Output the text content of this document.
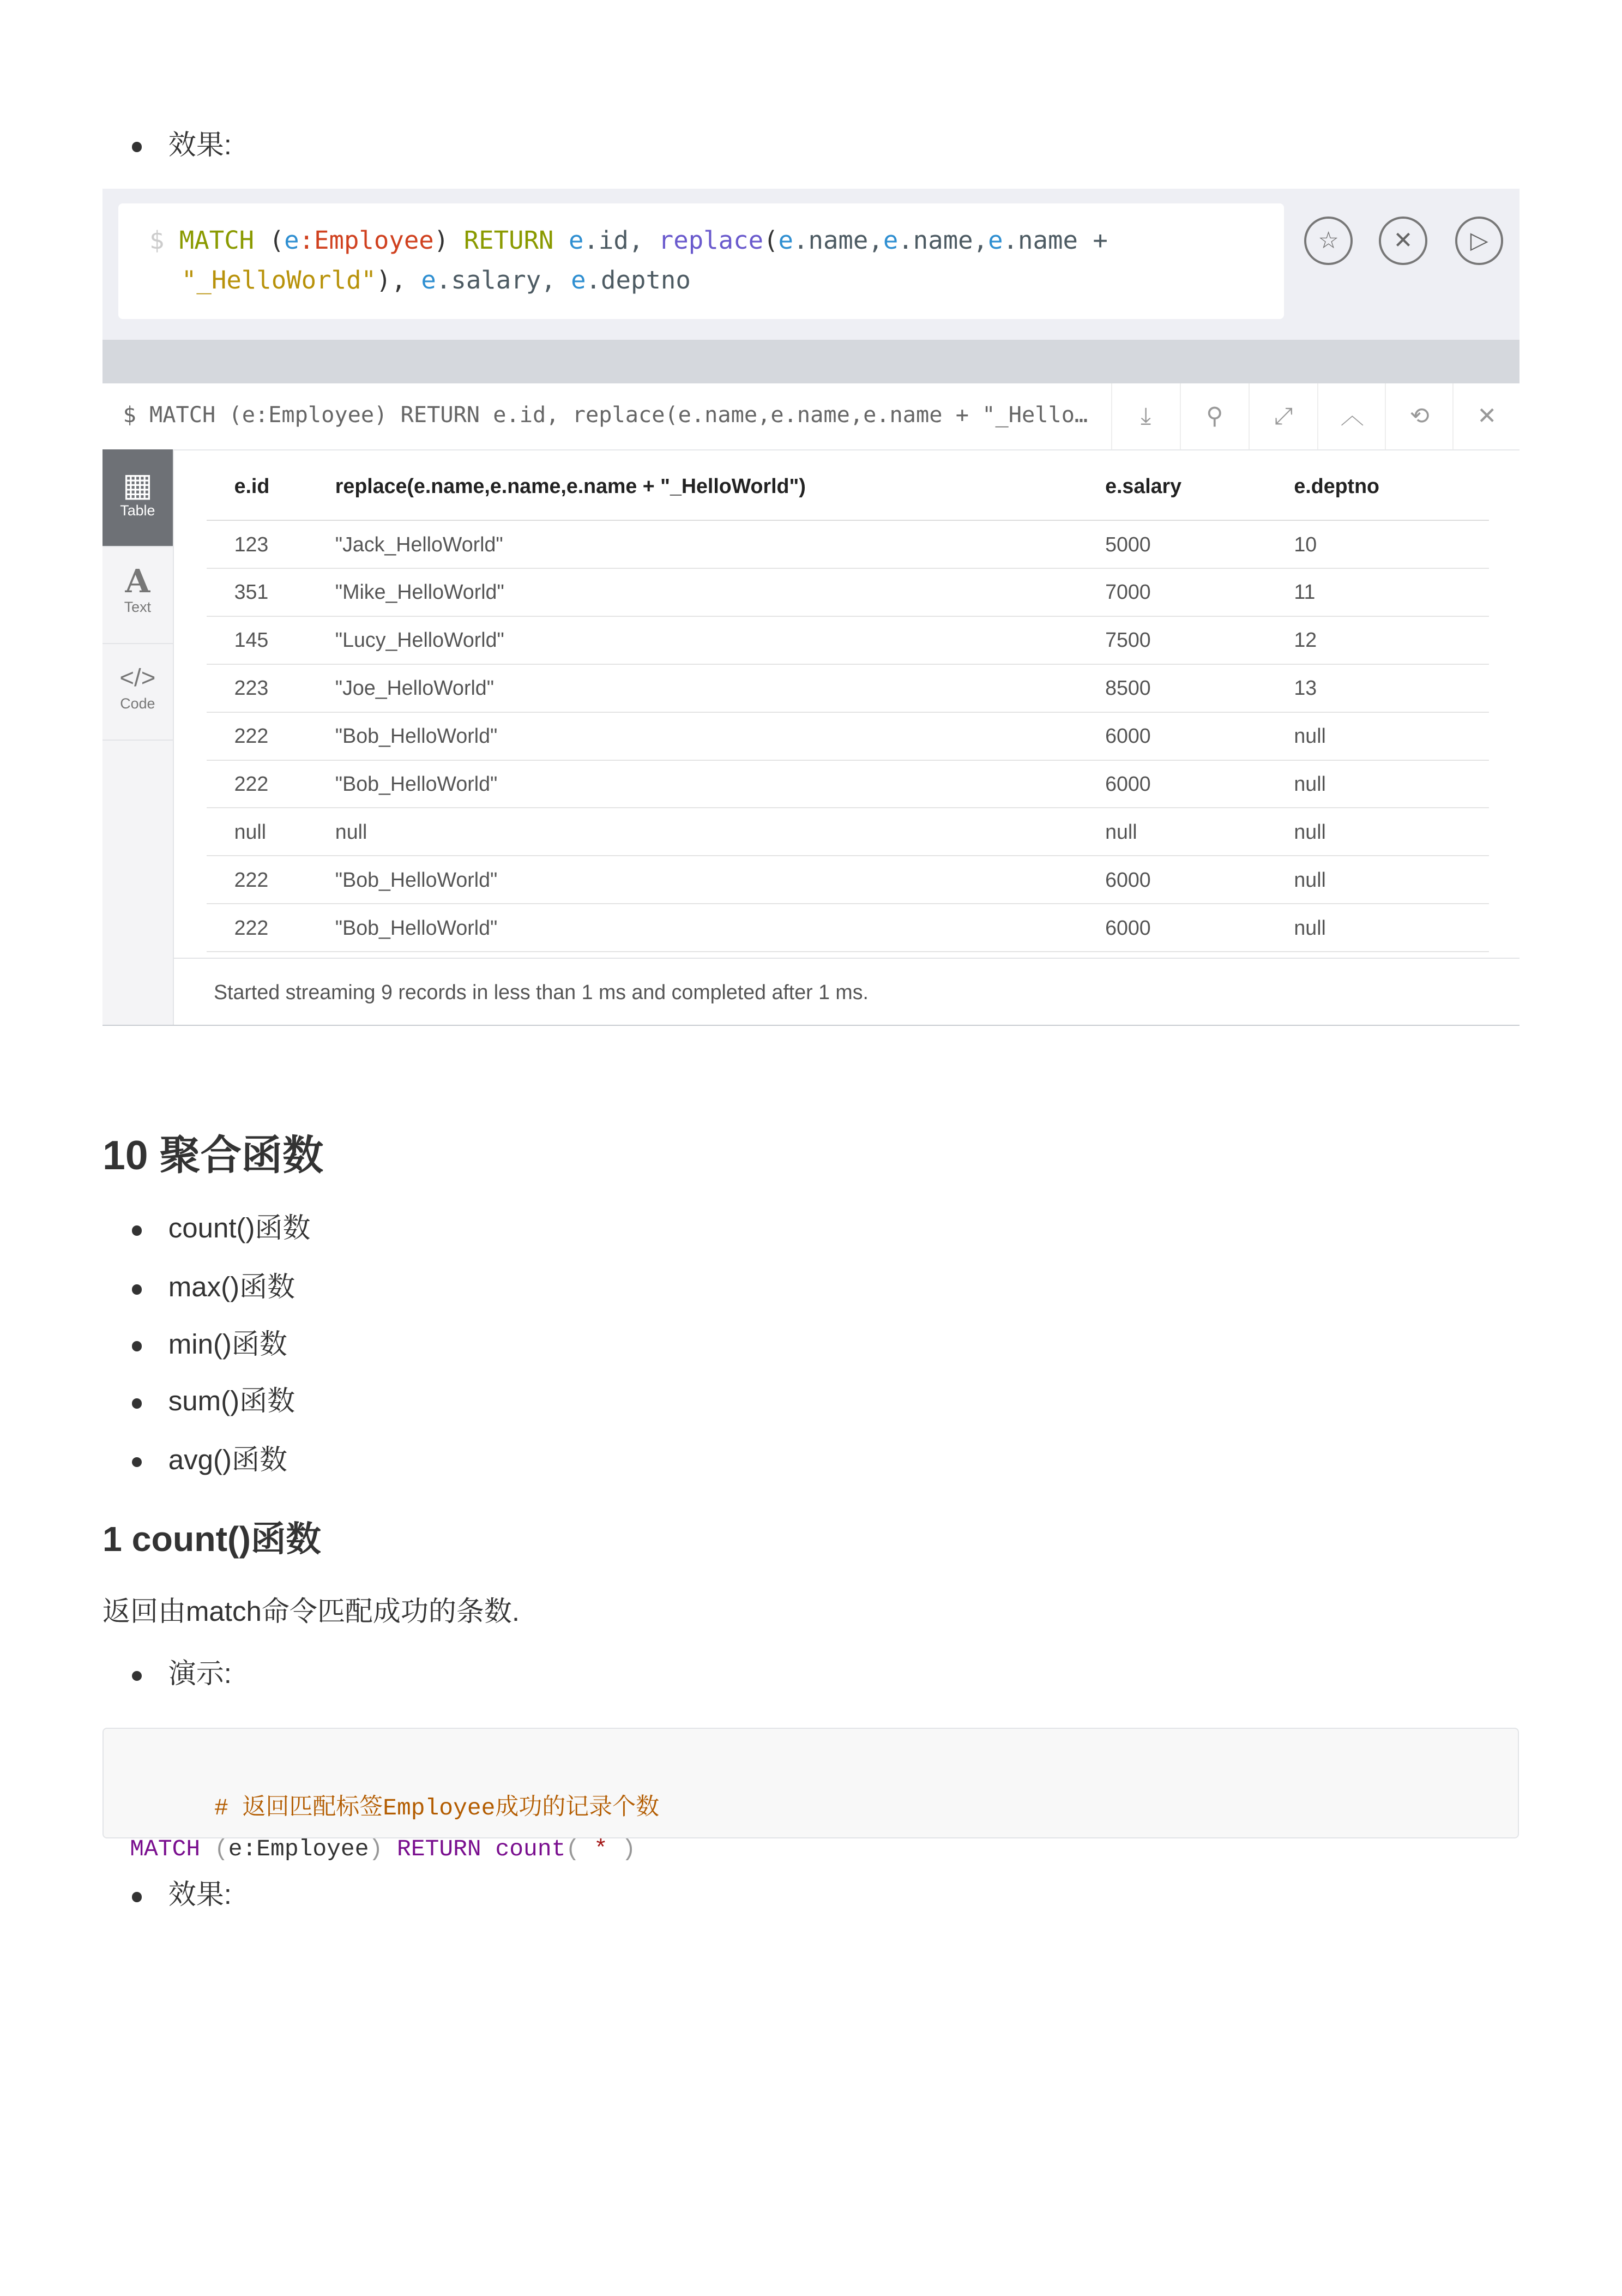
效果:
$ MATCH (e:Employee) RETURN e.id, replace(e.name,e.name,e.name +
"_HelloWorld"), e.salary, e.deptno
☆	✕	▷
$ MATCH (e:Employee) RETURN e.id, replace(e.name,e.name,e.name + "_Hello…	⤓	⚲	⤢	︿	⟲	✕
▦
Table
A
Text
</>
Code
e.id	replace(e.name,e.name,e.name + "_HelloWorld")	e.salary	e.deptno
123	"Jack_HelloWorld"	5000	10
351	"Mike_HelloWorld"	7000	11
145	"Lucy_HelloWorld"	7500	12
223	"Joe_HelloWorld"	8500	13
222	"Bob_HelloWorld"	6000	null
222	"Bob_HelloWorld"	6000	null
null	null	null	null
222	"Bob_HelloWorld"	6000	null
222	"Bob_HelloWorld"	6000	null
Started streaming 9 records in less than 1 ms and completed after 1 ms.
10 聚合函数
count()函数
max()函数
min()函数
sum()函数
avg()函数
1 count()函数
返回由match命令匹配成功的条数.
演示:

# 返回匹配标签Employee成功的记录个数
MATCH (e:Employee) RETURN count( * )

效果:
